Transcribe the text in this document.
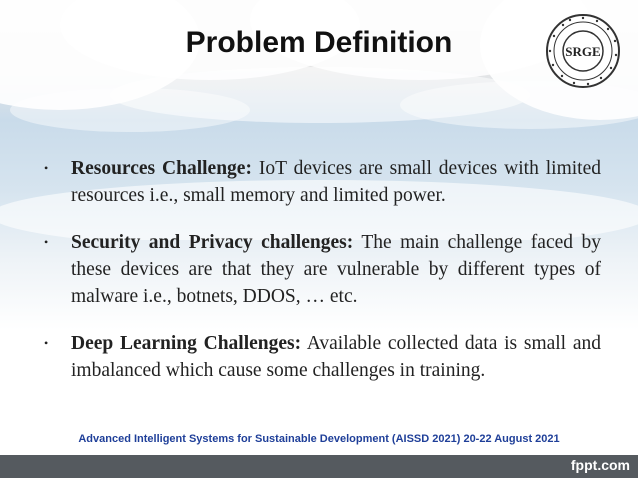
Problem Definition	SRGE
• Resources Challenge: IoT devices are small devices with limited resources i.e., small memory and limited power.
• Security and Privacy challenges: The main challenge faced by these devices are that they are vulnerable by different types of malware i.e., botnets, DDOS, … etc.
• Deep Learning Challenges: Available collected data is small and imbalanced which cause some challenges in training.
Advanced Intelligent Systems for Sustainable Development (AISSD 2021) 20-22 August 2021
fppt.com
